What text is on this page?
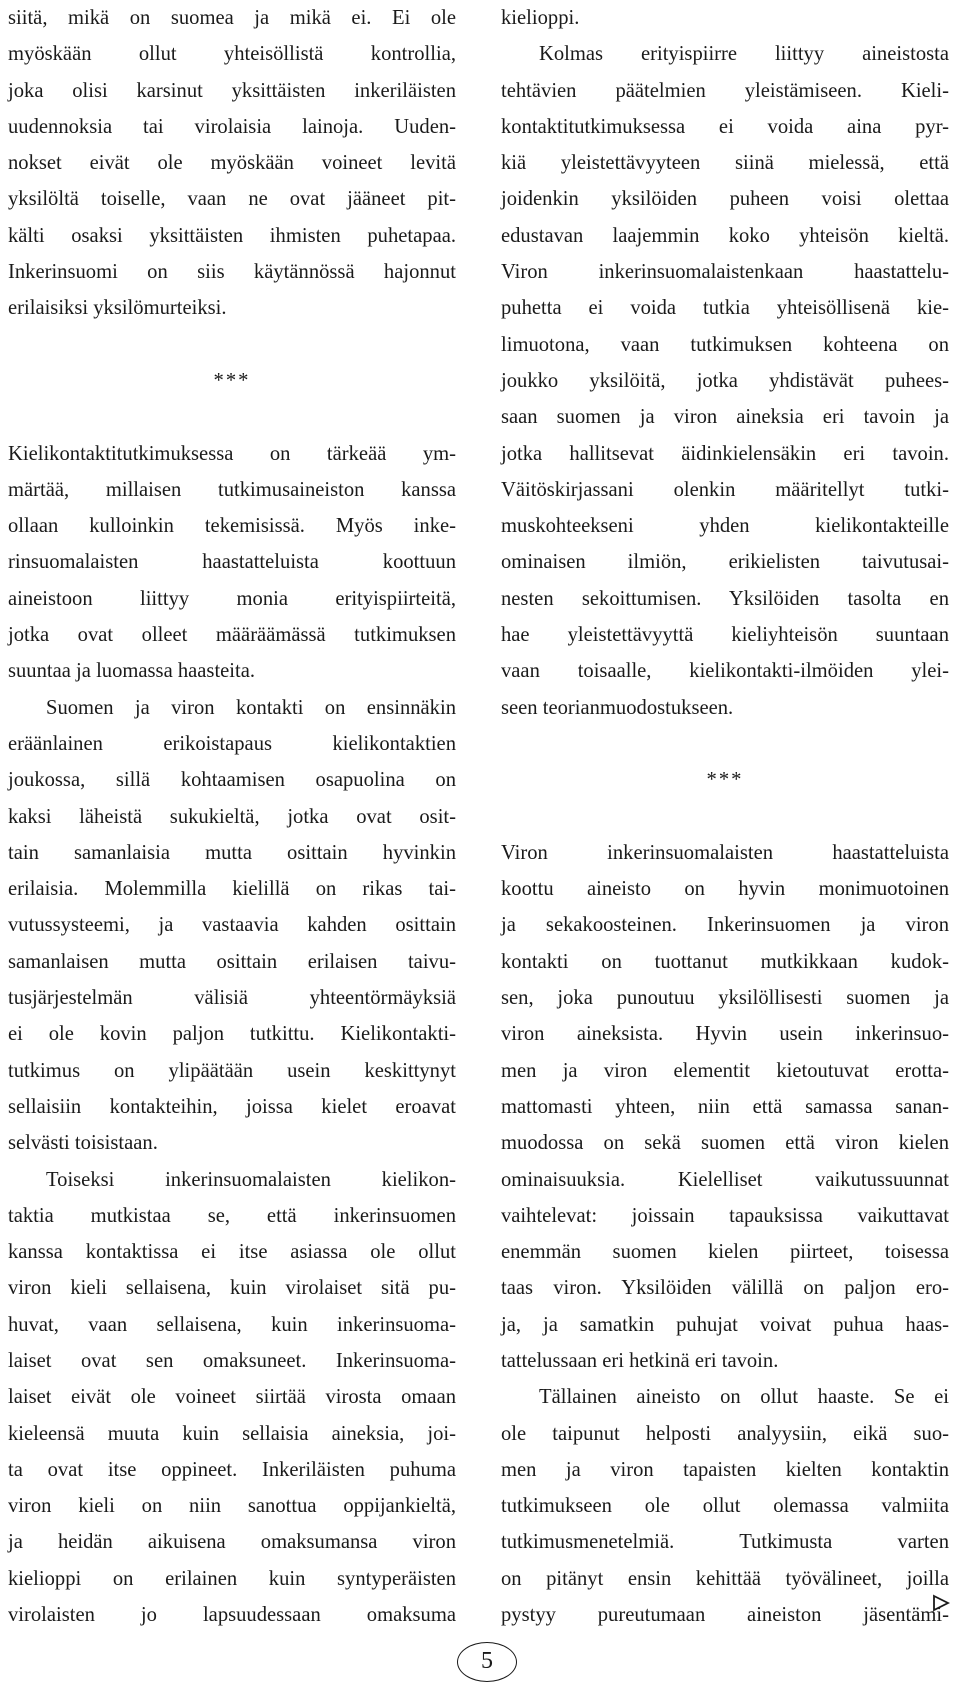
siitä, mikä on suomea ja mikä ei. Ei ole
myöskään ollut yhteisöllistä kontrollia,
joka olisi karsinut yksittäisten inkeriläisten
uudennoksia tai virolaisia lainoja. Uuden-
nokset eivät ole myöskään voineet levitä
yksilöltä toiselle, vaan ne ovat jääneet pit-
kälti osaksi yksittäisten ihmisten puhetapaa.
Inkerinsuomi on siis käytännössä hajonnut
erilaisiksi yksilömurteiksi.
***
Kielikontaktitutkimuksessa on tärkeää ym-
märtää, millaisen tutkimusaineiston kanssa
ollaan kulloinkin tekemisissä. Myös inke-
rinsuomalaisten haastatteluista koottuun
aineistoon liittyy monia erityispiirteitä,
jotka ovat olleet määräämässä tutkimuksen
suuntaa ja luomassa haasteita.
Suomen ja viron kontakti on ensinnäkin
eräänlainen erikoistapaus kielikontaktien
joukossa, sillä kohtaamisen osapuolina on
kaksi läheistä sukukieltä, jotka ovat osit-
tain samanlaisia mutta osittain hyvinkin
erilaisia. Molemmilla kielillä on rikas tai-
vutussysteemi, ja vastaavia kahden osittain
samanlaisen mutta osittain erilaisen taivu-
tusjärjestelmän välisiä yhteentörmäyksiä
ei ole kovin paljon tutkittu. Kielikontakti-
tutkimus on ylipäätään usein keskittynyt
sellaisiin kontakteihin, joissa kielet eroavat
selvästi toisistaan.
Toiseksi inkerinsuomalaisten kielikon-
taktia mutkistaa se, että inkerinsuomen
kanssa kontaktissa ei itse asiassa ole ollut
viron kieli sellaisena, kuin virolaiset sitä pu-
huvat, vaan sellaisena, kuin inkerinsuoma-
laiset ovat sen omaksuneet. Inkerinsuoma-
laiset eivät ole voineet siirtää virosta omaan
kieleensä muuta kuin sellaisia aineksia, joi-
ta ovat itse oppineet. Inkeriläisten puhuma
viron kieli on niin sanottua oppijankieltä,
ja heidän aikuisena omaksumansa viron
kielioppi on erilainen kuin syntyperäisten
virolaisten jo lapsuudessaan omaksuma
kielioppi.
Kolmas erityispiirre liittyy aineistosta
tehtävien päätelmien yleistämiseen. Kieli-
kontaktitutkimuksessa ei voida aina pyr-
kiä yleistettävyyteen siinä mielessä, että
joidenkin yksilöiden puheen voisi olettaa
edustavan laajemmin koko yhteisön kieltä.
Viron inkerinsuomalaistenkaan haastattelu-
puhetta ei voida tutkia yhteisöllisenä kie-
limuotona, vaan tutkimuksen kohteena on
joukko yksilöitä, jotka yhdistävät puhees-
saan suomen ja viron aineksia eri tavoin ja
jotka hallitsevat äidinkielensäkin eri tavoin.
Väitöskirjassani olenkin määritellyt tutki-
muskohteekseni yhden kielikontakteille
ominaisen ilmiön, erikielisten taivutusai-
nesten sekoittumisen. Yksilöiden tasolta en
hae yleistettävyyttä kieliyhteisön suuntaan
vaan toisaalle, kielikontakti-ilmöiden ylei-
seen teorianmuodostukseen.
***
Viron inkerinsuomalaisten haastatteluista
koottu aineisto on hyvin monimuotoinen
ja sekakoosteinen. Inkerinsuomen ja viron
kontakti on tuottanut mutkikkaan kudok-
sen, joka punoutuu yksilöllisesti suomen ja
viron aineksista. Hyvin usein inkerinsuo-
men ja viron elementit kietoutuvat erotta-
mattomasti yhteen, niin että samassa sanan-
muodossa on sekä suomen että viron kielen
ominaisuuksia. Kielelliset vaikutussuunnat
vaihtelevat: joissain tapauksissa vaikuttavat
enemmän suomen kielen piirteet, toisessa
taas viron. Yksilöiden välillä on paljon ero-
ja, ja samatkin puhujat voivat puhua haas-
tattelussaan eri hetkinä eri tavoin.
Tällainen aineisto on ollut haaste. Se ei
ole taipunut helposti analyysiin, eikä suo-
men ja viron tapaisten kielten kontaktin
tutkimukseen ole ollut olemassa valmiita
tutkimusmenetelmiä. Tutkimusta varten
on pitänyt ensin kehittää työvälineet, joilla
pystyy pureutumaan aineiston jäsentämi-
5
